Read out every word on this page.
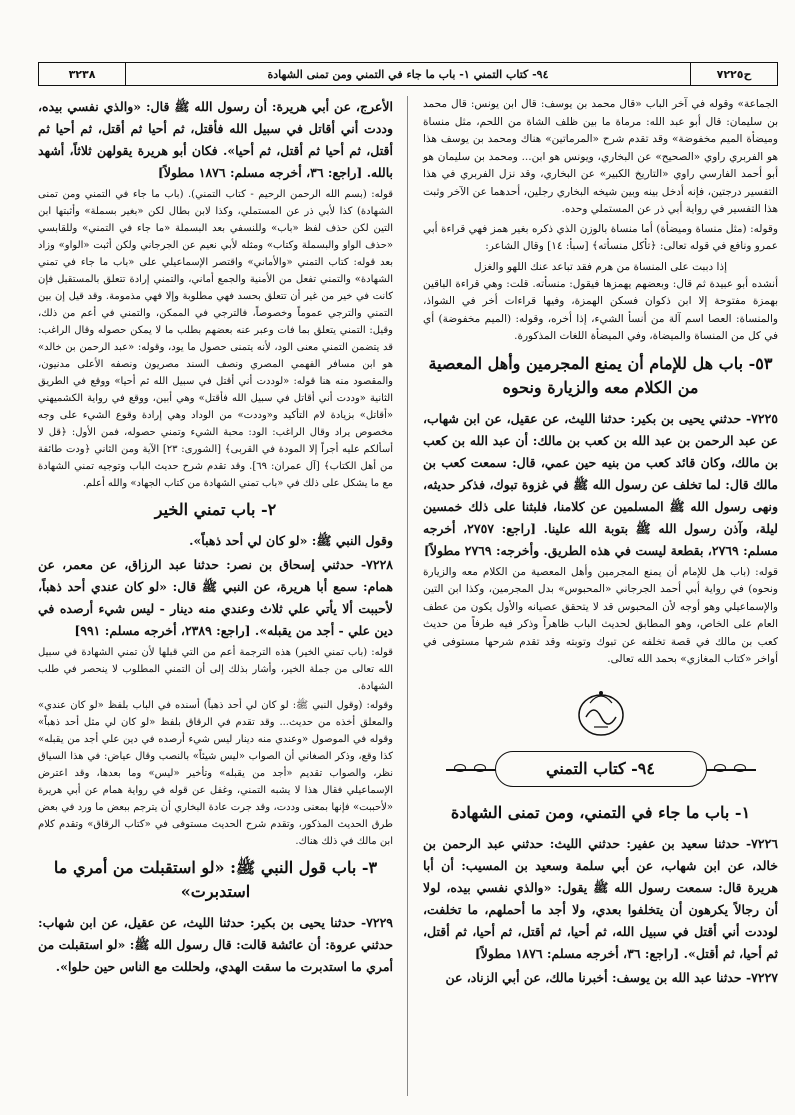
ح٧٢٢٥
٩٤- كتاب التمني ١- باب ما جاء في التمني ومن تمنى الشهادة
٣٢٣٨

الجماعة» وقوله في آخر الباب «قال محمد بن يوسف: قال ابن يونس: قال محمد بن سليمان: قال أبو عبد الله: مرماة ما بين ظلف الشاة من اللحم، مثل منساة وميضأة الميم مخفوضة» وقد تقدم شرح «المرماتين» هناك ومحمد بن يوسف هذا هو الفربري راوي «الصحيح» عن البخاري، ويونس هو ابن... ومحمد بن سليمان هو أبو أحمد الفارسي راوي «التاريخ الكبير» عن البخاري، وقد نزل الفربري في هذا التفسير درجتين، فإنه أدخل بينه وبين شيخه البخاري رجلين، أحدهما عن الآخر وثبت هذا التفسير في رواية أبي ذر عن المستملي وحده.

وقوله: (مثل منساة وميضأة) أما منساة بالوزن الذي ذكره بغير همز فهي قراءة أبي عمرو ونافع في قوله تعالى: ﴿تأكل منسأته﴾ [سبأ: ١٤] وقال الشاعر:

إذا دببت على المنساة من هرم فقد تباعد عنك اللهو والغزل

أنشده أبو عبيدة ثم قال: وبعضهم يهمزها فيقول: منسأته. قلت: وهي قراءة الباقين بهمزة مفتوحة إلا ابن ذكوان فسكن الهمزة، وفيها قراءات أخر في الشواذ، والمنساة: العصا اسم آلة من أنسأ الشيء، إذا أخره، وقوله: (الميم مخفوضة) أي في كل من المنساة والميضاة، وفي الميضأة اللغات المذكورة.

٥٣- باب هل للإمام أن يمنع المجرمين وأهل المعصية من الكلام معه والزيارة ونحوه

٧٢٢٥- حدثني يحيى بن بكير: حدثنا الليث، عن عقيل، عن ابن شهاب، عن عبد الرحمن بن عبد الله بن كعب بن مالك: أن عبد الله بن كعب بن مالك، وكان قائد كعب من بنيه حين عمي، قال: سمعت كعب بن مالك قال: لما تخلف عن رسول الله ﷺ في غزوة تبوك، فذكر حديثه، ونهى رسول الله ﷺ المسلمين عن كلامنا، فلبثنا على ذلك خمسين ليلة، وآذن رسول الله ﷺ بتوبة الله علينا. [راجع: ٢٧٥٧، أخرجه مسلم: ٢٧٦٩، بقطعة ليست في هذه الطريق. وأخرجه: ٢٧٦٩ مطولاً]

قوله: (باب هل للإمام أن يمنع المجرمين وأهل المعصية من الكلام معه والزيارة ونحوه) في رواية أبي أحمد الجرجاني «المحبوس» بدل المجرمين، وكذا ابن التين والإسماعيلي وهو أوجه لأن المحبوس قد لا يتحقق عصيانه والأول يكون من عطف العام على الخاص، وهو المطابق لحديث الباب ظاهراً وذكر فيه طرفاً من حديث كعب بن مالك في قصة تخلفه عن تبوك وتوبته وقد تقدم شرحها مستوفى في أواخر «كتاب المغازي» بحمد الله تعالى.

٩٤- كتاب التمني
١- باب ما جاء في التمني، ومن تمنى الشهادة

٧٢٢٦- حدثنا سعيد بن عفير: حدثني الليث: حدثني عبد الرحمن بن خالد، عن ابن شهاب، عن أبي سلمة وسعيد بن المسيب: أن أبا هريرة قال: سمعت رسول الله ﷺ يقول: «والذي نفسي بيده، لولا أن رجالاً يكرهون أن يتخلفوا بعدي، ولا أجد ما أحملهم، ما تخلفت، لوددت أني أقتل في سبيل الله، ثم أحيا، ثم أقتل، ثم أحيا، ثم أقتل، ثم أحيا، ثم أقتل». [راجع: ٣٦، أخرجه مسلم: ١٨٧٦ مطولاً]

٧٢٢٧- حدثنا عبد الله بن يوسف: أخبرنا مالك، عن أبي الزناد، عن

الأعرج، عن أبي هريرة: أن رسول الله ﷺ قال: «والذي نفسي بيده، وددت أني أقاتل في سبيل الله فأقتل، ثم أحيا ثم أقتل، ثم أحيا ثم أقتل، ثم أحيا ثم أقتل، ثم أحيا». فكان أبو هريرة يقولهن ثلاثاً، أشهد بالله. [راجع: ٣٦، أخرجه مسلم: ١٨٧٦ مطولاً]

قوله: (بسم الله الرحمن الرحيم - كتاب التمني). (باب ما جاء في التمني ومن تمنى الشهادة) كذا لأبي ذر عن المستملي، وكذا لابن بطال لكن «بغير بسملة» وأثبتها ابن التين لكن حذف لفظ «باب» وللنسفي بعد البسملة «ما جاء في التمني» وللقابسي «حذف الواو والبسملة وكتاب» ومثله لأبي نعيم عن الجرجاني ولكن أثبت «الواو» وزاد بعد قوله: كتاب التمني «والأماني» واقتصر الإسماعيلي على «باب ما جاء في تمني الشهادة» والتمني تفعل من الأمنية والجمع أماني، والتمني إرادة تتعلق بالمستقبل فإن كانت في خير من غير أن تتعلق بحسد فهي مطلوبة وإلا فهي مذمومة. وقد قيل إن بين التمني والترجي عموماً وخصوصاً، فالترجي في الممكن، والتمني في أعم من ذلك، وقيل: التمني يتعلق بما فات وعبر عنه بعضهم بطلب ما لا يمكن حصوله وقال الراغب: قد يتضمن التمني معنى الود، لأنه يتمنى حصول ما يود، وقوله: «عبد الرحمن بن خالد» هو ابن مسافر الفهمي المصري ونصف السند مصريون ونصفه الأعلى مدنيون، والمقصود منه هنا قوله: «لوددت أني أقتل في سبيل الله ثم أحيا» ووقع في الطريق الثانية «وددت أني أقاتل في سبيل الله فأقتل» وهي أبين، ووقع في رواية الكشميهني «أقاتل» بزيادة لام التأكيد و«وددت» من الوداد وهي إرادة وقوع الشيء على وجه مخصوص يراد وقال الراغب: الود: محبة الشيء وتمني حصوله، فمن الأول: ﴿قل لا أسألكم عليه أجراً إلا المودة في القربى﴾ [الشورى: ٢٣] الآية ومن الثاني ﴿ودت طائفة من أهل الكتاب﴾ [آل عمران: ٦٩]. وقد تقدم شرح حديث الباب وتوجيه تمني الشهادة مع ما يشكل على ذلك في «باب تمني الشهادة من كتاب الجهاد» والله أعلم.

٢- باب تمني الخير

وقول النبي ﷺ: «لو كان لي أحد ذهباً».

٧٢٢٨- حدثني إسحاق بن نصر: حدثنا عبد الرزاق، عن معمر، عن همام: سمع أبا هريرة، عن النبي ﷺ قال: «لو كان عندي أحد ذهباً، لأحببت ألا يأتي علي ثلاث وعندي منه دينار - ليس شيء أرصده في دين علي - أجد من يقبله». [راجع: ٢٣٨٩، أخرجه مسلم: ٩٩١]

قوله: (باب تمني الخير) هذه الترجمة أعم من التي قبلها لأن تمني الشهادة في سبيل الله تعالى من جملة الخير، وأشار بذلك إلى أن التمني المطلوب لا ينحصر في طلب الشهادة.

وقوله: (وقول النبي ﷺ: لو كان لي أحد ذهباً) أسنده في الباب بلفظ «لو كان عندي» والمعلق أخذه من حديث... وقد تقدم في الرقاق بلفظ «لو كان لي مثل أحد ذهباً» وقوله في الموصول «وعندي منه دينار ليس شيء أرصده في دين علي أجد من يقبله» كذا وقع، وذكر الصغاني أن الصواب «ليس شيئاً» بالنصب وقال عياض: في هذا السياق نظر، والصواب تقديم «أجد من يقبله» وتأخير «ليس» وما بعدها، وقد اعترض الإسماعيلي فقال هذا لا يشبه التمني، وغفل عن قوله في رواية همام عن أبي هريرة «لأحببت» فإنها بمعنى وددت، وقد جرت عادة البخاري أن يترجم ببعض ما ورد في بعض طرق الحديث المذكور، وتقدم شرح الحديث مستوفى في «كتاب الرقاق» وتقدم كلام ابن مالك في ذلك هناك.

٣- باب قول النبي ﷺ: «لو استقبلت من أمري ما استدبرت»

٧٢٢٩- حدثنا يحيى بن بكير: حدثنا الليث، عن عقيل، عن ابن شهاب: حدثني عروة: أن عائشة قالت: قال رسول الله ﷺ: «لو استقبلت من أمري ما استدبرت ما سقت الهدي، ولحللت مع الناس حين حلوا».
